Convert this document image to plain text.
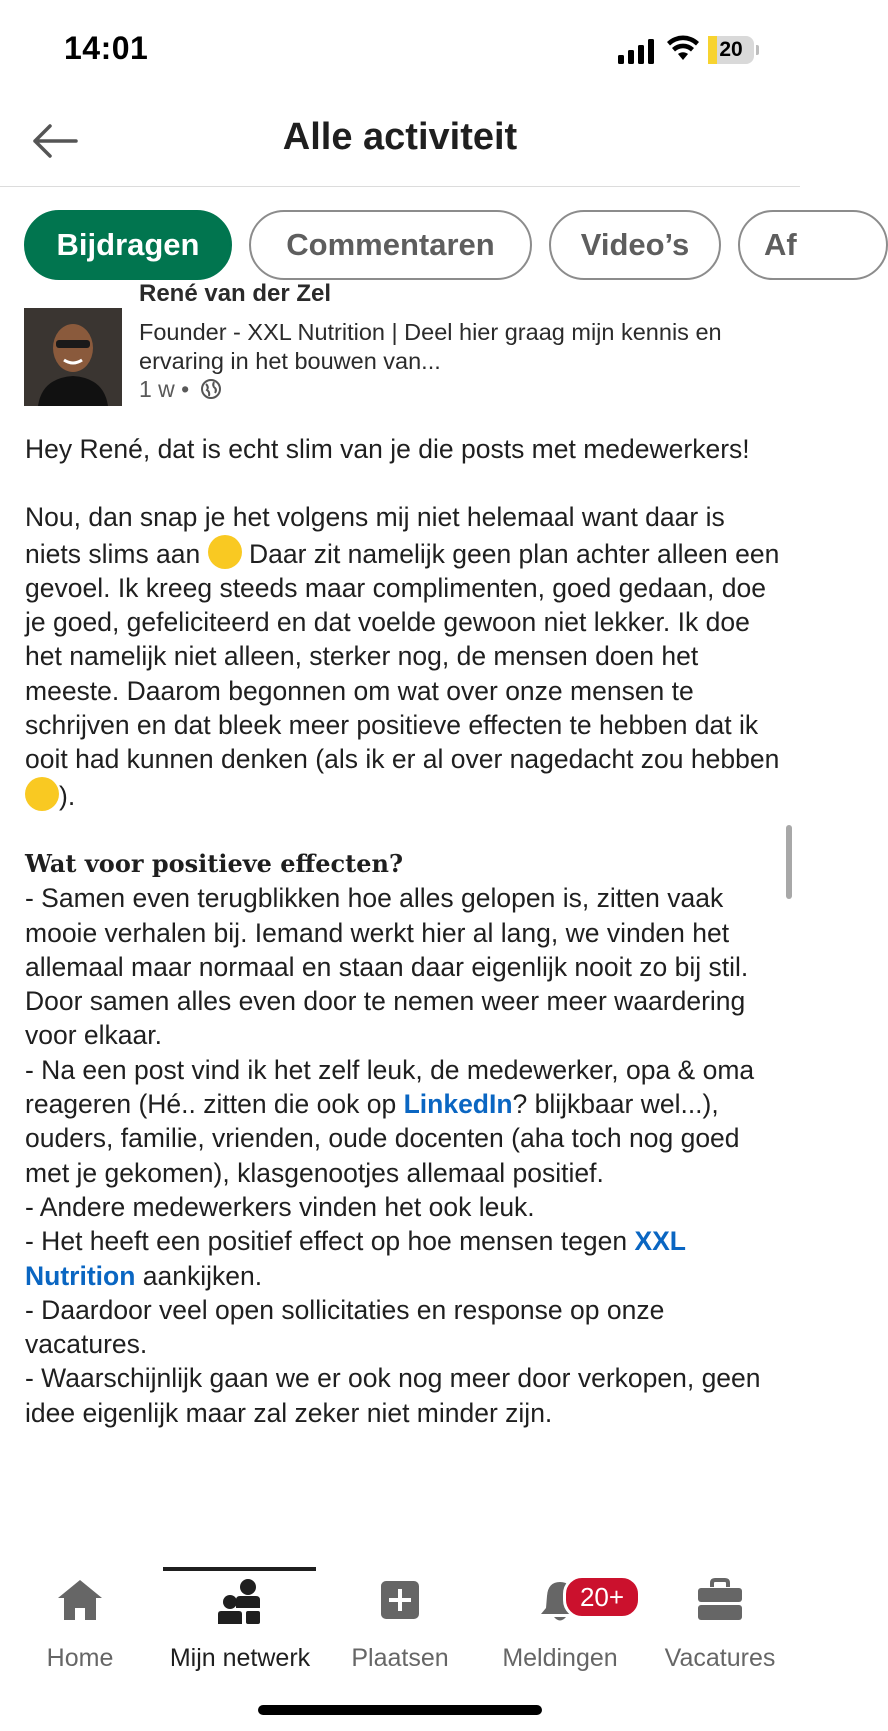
14:01	20
Alle activiteit
Bijdragen	Commentaren	Video’s	Af
René van der Zel
Founder - XXL Nutrition | Deel hier graag mijn kennis en ervaring in het bouwen van...
1 w •

Hey René, dat is echt slim van je die posts met medewerkers!

Nou, dan snap je het volgens mij niet helemaal want daar is niets slims aan  Daar zit namelijk geen plan achter alleen een gevoel. Ik kreeg steeds maar complimenten, goed gedaan, doe je goed, gefeliciteerd en dat voelde gewoon niet lekker. Ik doe het namelijk niet alleen, sterker nog, de mensen doen het meeste. Daarom begonnen om wat over onze mensen te schrijven en dat bleek meer positieve effecten te hebben dat ik ooit had kunnen denken (als ik er al over nagedacht zou hebben ).

Wat voor positieve effecten?

- Samen even terugblikken hoe alles gelopen is, zitten vaak mooie verhalen bij. Iemand werkt hier al lang, we vinden het allemaal maar normaal en staan daar eigenlijk nooit zo bij stil. Door samen alles even door te nemen weer meer waardering voor elkaar.

- Na een post vind ik het zelf leuk, de medewerker, opa & oma reageren (Hé.. zitten die ook op LinkedIn? blijkbaar wel...), ouders, familie, vrienden, oude docenten (aha toch nog goed met je gekomen), klasgenootjes allemaal positief.

- Andere medewerkers vinden het ook leuk.

- Het heeft een positief effect op hoe mensen tegen XXL Nutrition aankijken.

- Daardoor veel open sollicitaties en response op onze vacatures.

- Waarschijnlijk gaan we er ook nog meer door verkopen, geen idee eigenlijk maar zal zeker niet minder zijn.

Home	Mijn netwerk	Plaatsen	Meldingen	Vacatures
20+
